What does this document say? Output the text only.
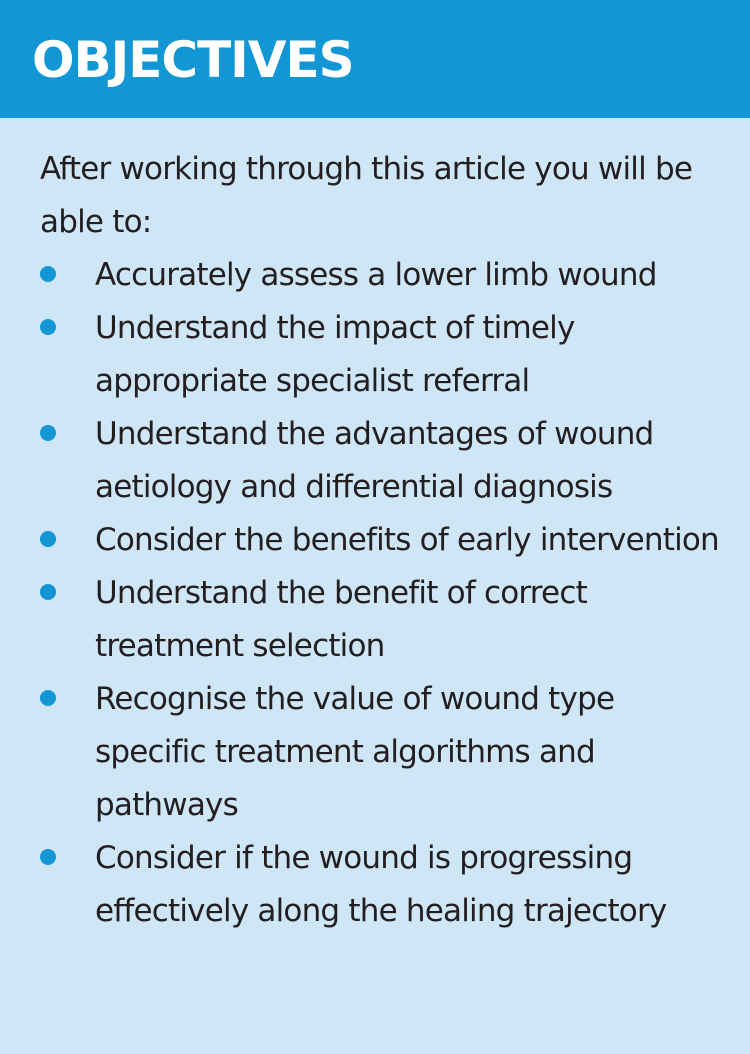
OBJECTIVES

After working through this article you will be able to:

Accurately assess a lower limb wound
Understand the impact of timely appropriate specialist referral
Understand the advantages of wound aetiology and differential diagnosis
Consider the benefits of early intervention
Understand the benefit of correct treatment selection
Recognise the value of wound type specific treatment algorithms and pathways
Consider if the wound is progressing effectively along the healing trajectory
